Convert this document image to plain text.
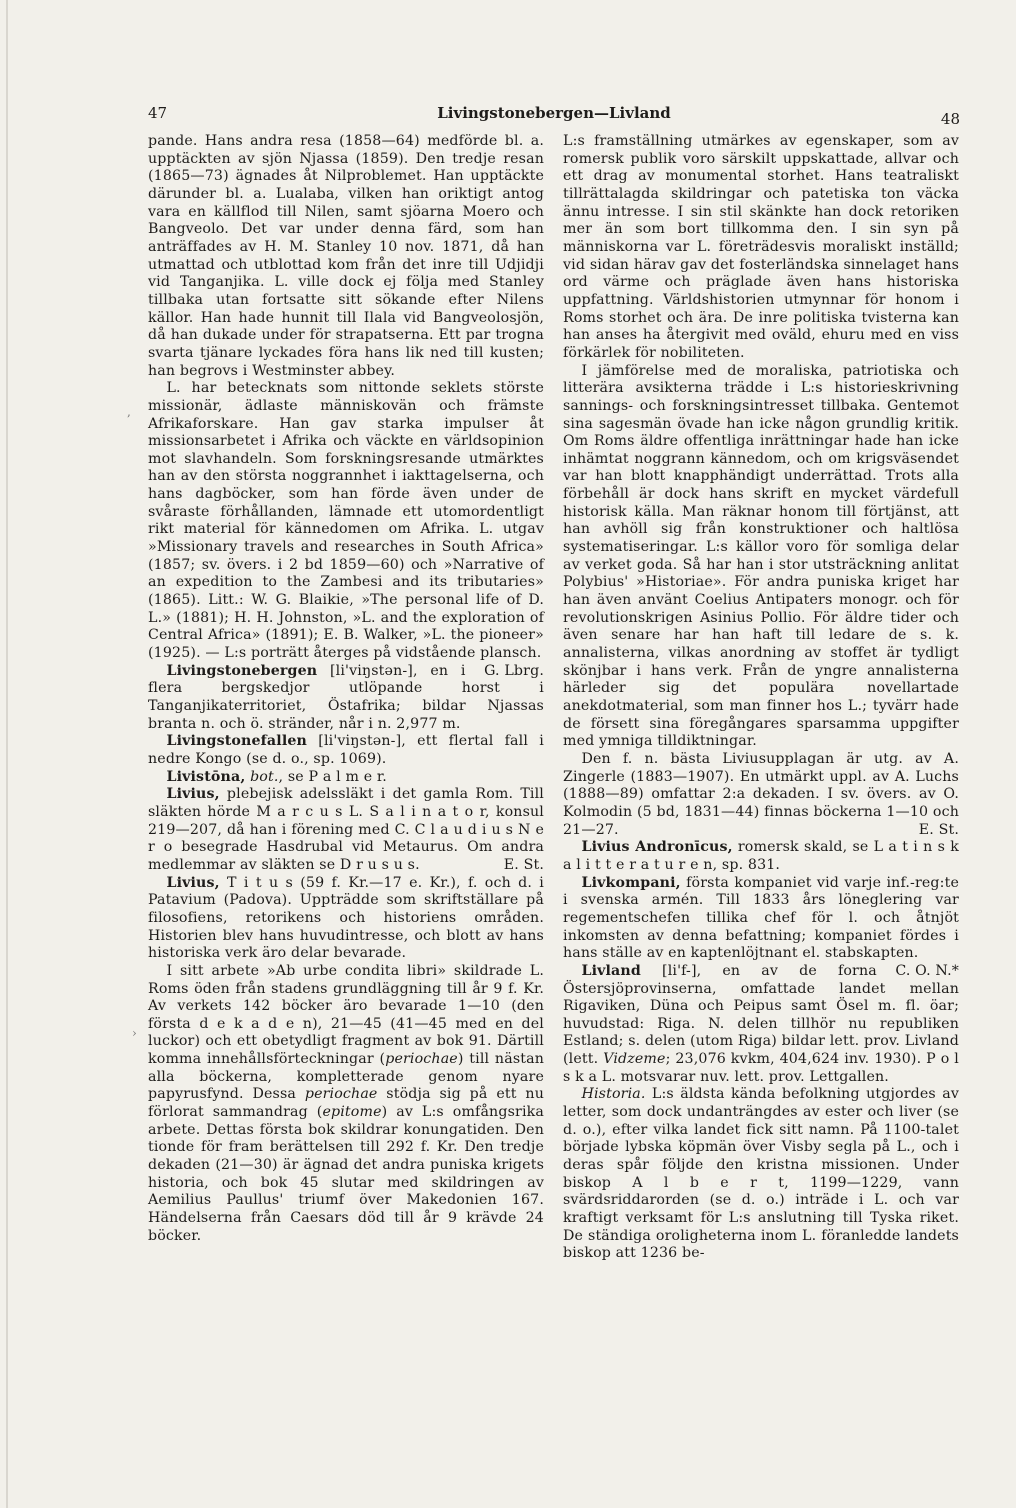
47	Livingstonebergen—Livland	48
,
›

pande. Hans andra resa (1858—64) medförde bl. a. upptäckten av sjön Njassa (1859). Den tredje resan (1865—73) ägnades åt Nilproblemet. Han upptäckte därunder bl. a. Lualaba, vilken han oriktigt antog vara en källflod till Nilen, samt sjöarna Moero och Bangveolo. Det var under denna färd, som han anträffades av H. M. Stanley 10 nov. 1871, då han utmattad och utblottad kom från det inre till Udjidji vid Tanganjika. L. ville dock ej följa med Stanley tillbaka utan fortsatte sitt sökande efter Nilens källor. Han hade hunnit till Ilala vid Bangveolosjön, då han dukade under för strapatserna. Ett par trogna svarta tjänare lyckades föra hans lik ned till kusten; han begrovs i Westminster abbey.

L. har betecknats som nittonde seklets störste missionär, ädlaste människovän och främste Afrikaforskare. Han gav starka impulser åt missionsarbetet i Afrika och väckte en världsopinion mot slavhandeln. Som forskningsresande utmärktes han av den största noggrannhet i iakttagelserna, och hans dagböcker, som han förde även under de svåraste förhållanden, lämnade ett utomordentligt rikt material för kännedomen om Afrika. L. utgav »Missionary travels and researches in South Africa» (1857; sv. övers. i 2 bd 1859—60) och »Narrative of an expedition to the Zambesi and its tributaries» (1865). Litt.: W. G. Blaikie, »The personal life of D. L.» (1881); H. H. Johnston, »L. and the exploration of Central Africa» (1891); E. B. Walker, »L. the pioneer» (1925). — L:s porträtt återges på vidstående plansch.
G. Lbrg.

Livingstonebergen [li'viŋstən-], en i flera bergskedjor utlöpande horst i Tanganjikaterritoriet, Östafrika; bildar Njassas branta n. och ö. stränder, når i n. 2,977 m.

Livingstonefallen [li'viŋstən-], ett flertal fall i nedre Kongo (se d. o., sp. 1069).

Livistōna, bot., se P a l m e r.

Livius, plebejisk adelssläkt i det gamla Rom. Till släkten hörde M a r c u s L. S a l i n a t o r, konsul 219—207, då han i förening med C. C l a u d i u s N e r o besegrade Hasdrubal vid Metaurus. Om andra medlemmar av släkten se D r u s u s.	E. St.

Livius, T i t u s (59 f. Kr.—17 e. Kr.), f. och d. i Patavium (Padova). Uppträdde som skriftställare på filosofiens, retorikens och historiens områden. Historien blev hans huvudintresse, och blott av hans historiska verk äro delar bevarade.

I sitt arbete »Ab urbe condita libri» skildrade L. Roms öden från stadens grundläggning till år 9 f. Kr. Av verkets 142 böcker äro bevarade 1—10 (den första d e k a d e n), 21—45 (41—45 med en del luckor) och ett obetydligt fragment av bok 91. Därtill komma innehållsförteckningar (periochae) till nästan alla böckerna, kompletterade genom nyare papyrusfynd. Dessa periochae stödja sig på ett nu förlorat sammandrag (epitome) av L:s omfångsrika arbete. Dettas första bok skildrar konungatiden. Den tionde för fram berättelsen till 292 f. Kr. Den tredje dekaden (21—30) är ägnad det andra puniska krigets historia, och bok 45 slutar med skildringen av Aemilius Paullus' triumf över Makedonien 167. Händelserna från Caesars död till år 9 krävde 24 böcker.

L:s framställning utmärkes av egenskaper, som av romersk publik voro särskilt uppskattade, allvar och ett drag av monumental storhet. Hans teatraliskt tillrättalagda skildringar och patetiska ton väcka ännu intresse. I sin stil skänkte han dock retoriken mer än som bort tillkomma den. I sin syn på människorna var L. företrädesvis moraliskt inställd; vid sidan härav gav det fosterländska sinnelaget hans ord värme och präglade även hans historiska uppfattning. Världshistorien utmynnar för honom i Roms storhet och ära. De inre politiska tvisterna kan han anses ha återgivit med oväld, ehuru med en viss förkärlek för nobiliteten.

I jämförelse med de moraliska, patriotiska och litterära avsikterna trädde i L:s historieskrivning sannings- och forskningsintresset tillbaka. Gentemot sina sagesmän övade han icke någon grundlig kritik. Om Roms äldre offentliga inrättningar hade han icke inhämtat noggrann kännedom, och om krigsväsendet var han blott knapphändigt underrättad. Trots alla förbehåll är dock hans skrift en mycket värdefull historisk källa. Man räknar honom till förtjänst, att han avhöll sig från konstruktioner och haltlösa systematiseringar. L:s källor voro för somliga delar av verket goda. Så har han i stor utsträckning anlitat Polybius' »Historiae». För andra puniska kriget har han även använt Coelius Antipaters monogr. och för revolutionskrigen Asinius Pollio. För äldre tider och även senare har han haft till ledare de s. k. annalisterna, vilkas anordning av stoffet är tydligt skönjbar i hans verk. Från de yngre annalisterna härleder sig det populära novellartade anekdotmaterial, som man finner hos L.; tyvärr hade de försett sina föregångares sparsamma uppgifter med ymniga tilldiktningar.

Den f. n. bästa Liviusupplagan är utg. av A. Zingerle (1883—1907). En utmärkt uppl. av A. Luchs (1888—89) omfattar 2:a dekaden. I sv. övers. av O. Kolmodin (5 bd, 1831—44) finnas böckerna 1—10 och 21—27.	E. St.

Livius Andronīcus, romersk skald, se L a t i n s k a l i t t e r a t u r e n, sp. 831.

Livkompani, första kompaniet vid varje inf.-reg:te i svenska armén. Till 1833 års löneglering var regementschefen tillika chef för l. och åtnjöt inkomsten av denna befattning; kompaniet fördes i hans ställe av en kaptenlöjtnant el. stabskapten.
C. O. N.*

Livland [li'f-], en av de forna Östersjöprovinserna, omfattade landet mellan Rigaviken, Düna och Peipus samt Ösel m. fl. öar; huvudstad: Riga. N. delen tillhör nu republiken Estland; s. delen (utom Riga) bildar lett. prov. Livland (lett. Vidzeme; 23,076 kvkm, 404,624 inv. 1930). P o l s k a L. motsvarar nuv. lett. prov. Lettgallen.

Historia. L:s äldsta kända befolkning utgjordes av letter, som dock undanträngdes av ester och liver (se d. o.), efter vilka landet fick sitt namn. På 1100-talet började lybska köpmän över Visby segla på L., och i deras spår följde den kristna missionen. Under biskop A l b e r t, 1199—1229, vann svärdsriddarorden (se d. o.) inträde i L. och var kraftigt verksamt för L:s anslutning till Tyska riket. De ständiga oroligheterna inom L. föranledde landets biskop att 1236 be-
